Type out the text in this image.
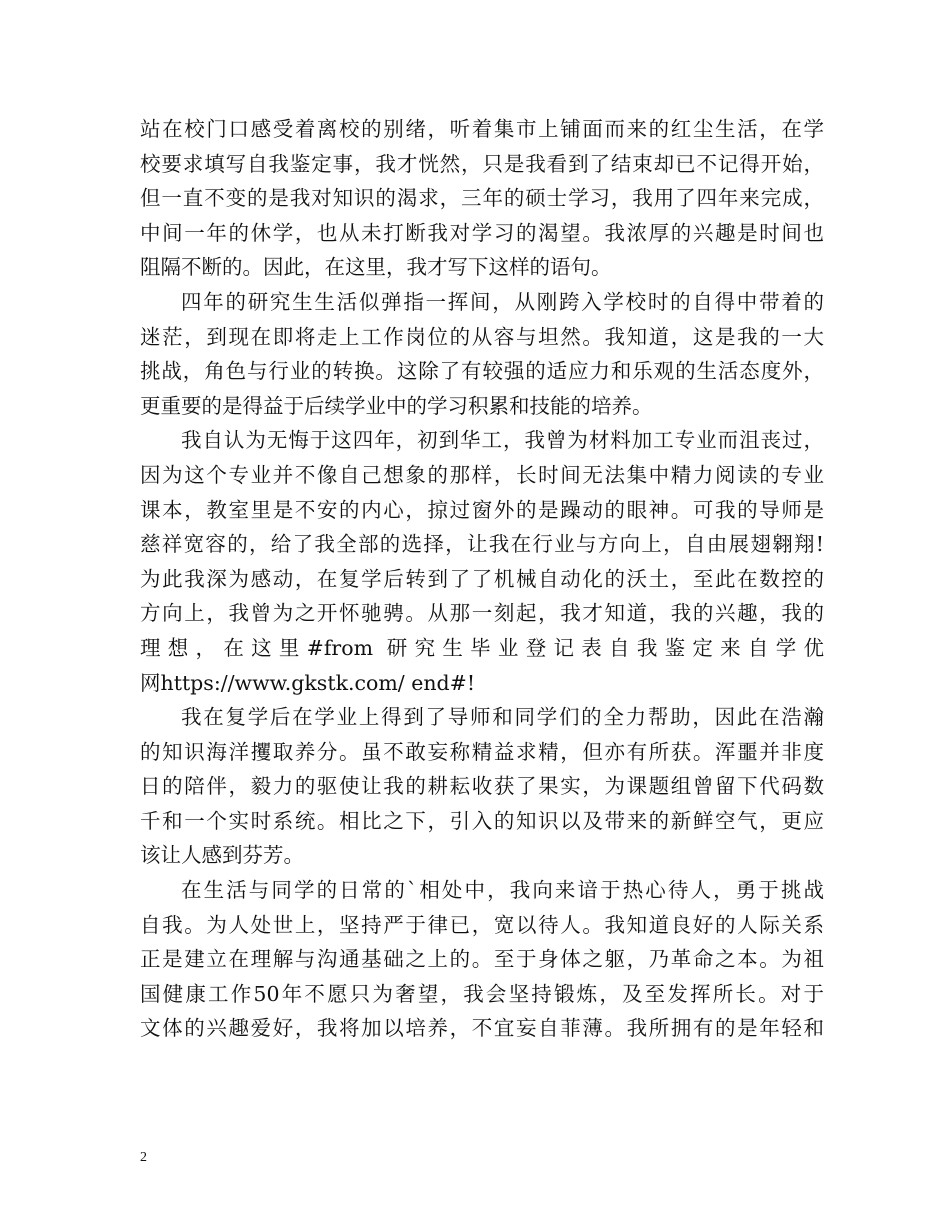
站在校门口感受着离校的别绪，听着集市上铺面而来的红尘生活，在学
校要求填写自我鉴定事，我才恍然，只是我看到了结束却已不记得开始，
但一直不变的是我对知识的渴求，三年的硕士学习，我用了四年来完成，
中间一年的休学，也从未打断我对学习的渴望。我浓厚的兴趣是时间也
阻隔不断的。因此，在这里，我才写下这样的语句。
四年的研究生生活似弹指一挥间，从刚跨入学校时的自得中带着的
迷茫，到现在即将走上工作岗位的从容与坦然。我知道，这是我的一大
挑战，角色与行业的转换。这除了有较强的适应力和乐观的生活态度外，
更重要的是得益于后续学业中的学习积累和技能的培养。
我自认为无悔于这四年，初到华工，我曾为材料加工专业而沮丧过，
因为这个专业并不像自己想象的那样，长时间无法集中精力阅读的专业
课本，教室里是不安的内心，掠过窗外的是躁动的眼神。可我的导师是
慈祥宽容的，给了我全部的选择，让我在行业与方向上，自由展翅翱翔!
为此我深为感动，在复学后转到了了机械自动化的沃土，至此在数控的
方向上，我曾为之开怀驰骋。从那一刻起，我才知道，我的兴趣，我的
理想，在这里#from 研究生毕业登记表自我鉴定来自学优
网https://www.gkstk.com/ end#!
我在复学后在学业上得到了导师和同学们的全力帮助，因此在浩瀚
的知识海洋攫取养分。虽不敢妄称精益求精，但亦有所获。浑噩并非度
日的陪伴，毅力的驱使让我的耕耘收获了果实，为课题组曾留下代码数
千和一个实时系统。相比之下，引入的知识以及带来的新鲜空气，更应
该让人感到芬芳。
在生活与同学的日常的`相处中，我向来谙于热心待人，勇于挑战
自我。为人处世上，坚持严于律已，宽以待人。我知道良好的人际关系
正是建立在理解与沟通基础之上的。至于身体之躯，乃革命之本。为祖
国健康工作50年不愿只为奢望，我会坚持锻炼，及至发挥所长。对于
文体的兴趣爱好，我将加以培养，不宜妄自菲薄。我所拥有的是年轻和
2
